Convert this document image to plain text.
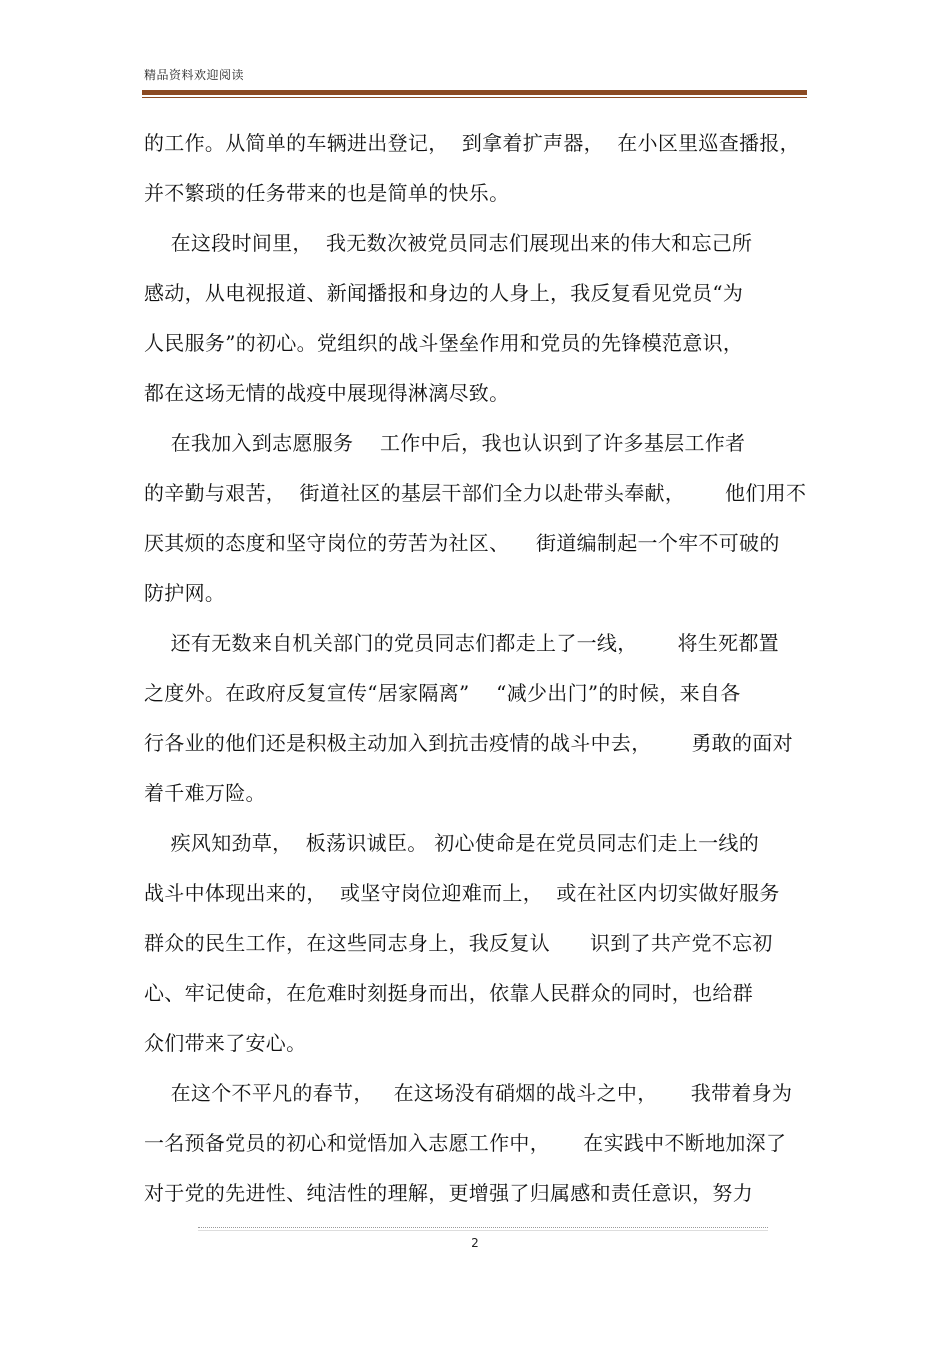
精品资料欢迎阅读
的工作。从简单的车辆进出登记，  到拿着扩声器，  在小区里巡查播报，
并不繁琐的任务带来的也是简单的快乐。
在这段时间里，  我无数次被党员同志们展现出来的伟大和忘己所
感动，从电视报道、新闻播报和身边的人身上，我反复看见党员“为
人民服务”的初心。党组织的战斗堡垒作用和党员的先锋模范意识，
都在这场无情的战疫中展现得淋漓尽致。
在我加入到志愿服务    工作中后，我也认识到了许多基层工作者
的辛勤与艰苦，  街道社区的基层干部们全力以赴带头奉献，      他们用不
厌其烦的态度和坚守岗位的劳苦为社区、    街道编制起一个牢不可破的
防护网。
还有无数来自机关部门的党员同志们都走上了一线，      将生死都置
之度外。在政府反复宣传“居家隔离”    “减少出门”的时候，来自各
行各业的他们还是积极主动加入到抗击疫情的战斗中去，      勇敢的面对
着千难万险。
疾风知劲草，  板荡识诚臣。 初心使命是在党员同志们走上一线的
战斗中体现出来的，  或坚守岗位迎难而上，  或在社区内切实做好服务
群众的民生工作，在这些同志身上，我反复认      识到了共产党不忘初
心、牢记使命，在危难时刻挺身而出，依靠人民群众的同时，也给群
众们带来了安心。
在这个不平凡的春节，   在这场没有硝烟的战斗之中，     我带着身为
一名预备党员的初心和觉悟加入志愿工作中，     在实践中不断地加深了
对于党的先进性、纯洁性的理解，更增强了归属感和责任意识，努力
2
